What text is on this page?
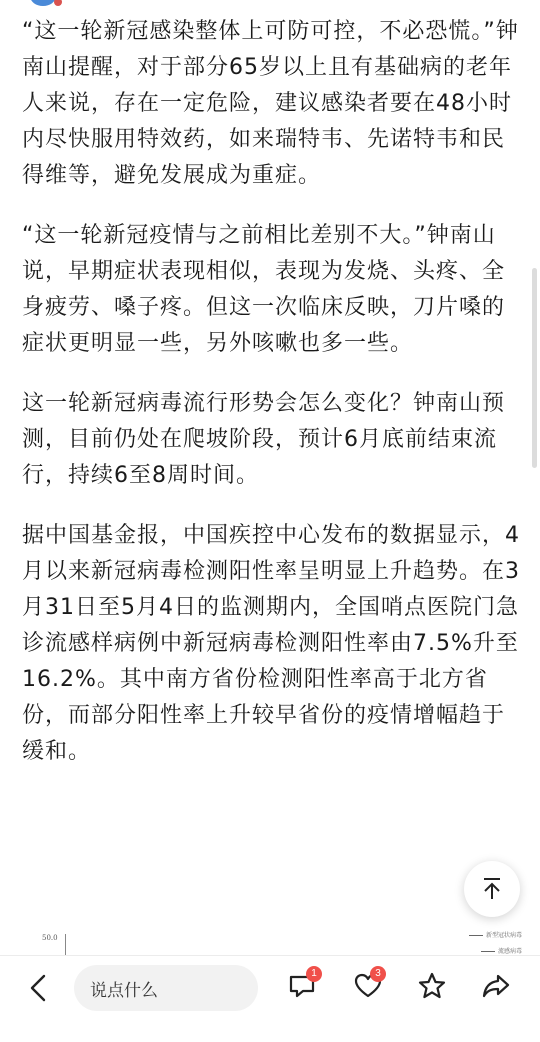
“这一轮新冠感染整体上可防可控，不必恐慌。”钟南山提醒，对于部分65岁以上且有基础病的老年人来说，存在一定危险，建议感染者要在48小时内尽快服用特效药，如来瑞特韦、先诺特韦和民得维等，避免发展成为重症。

“这一轮新冠疫情与之前相比差别不大。”钟南山说，早期症状表现相似，表现为发烧、头疼、全身疲劳、嗓子疼。但这一次临床反映，刀片嗓的症状更明显一些，另外咳嗽也多一些。

这一轮新冠病毒流行形势会怎么变化？钟南山预测，目前仍处在爬坡阶段，预计6月底前结束流行，持续6至8周时间。

据中国基金报，中国疾控中心发布的数据显示，4月以来新冠病毒检测阳性率呈明显上升趋势。在3月31日至5月4日的监测期内，全国哨点医院门急诊流感样病例中新冠病毒检测阳性率由7.5%升至16.2%。其中南方省份检测阳性率高于北方省份，而部分阳性率上升较早省份的疫情增幅趋于缓和。

50.0	新型冠状病毒
流感病毒
说点什么
1	3
